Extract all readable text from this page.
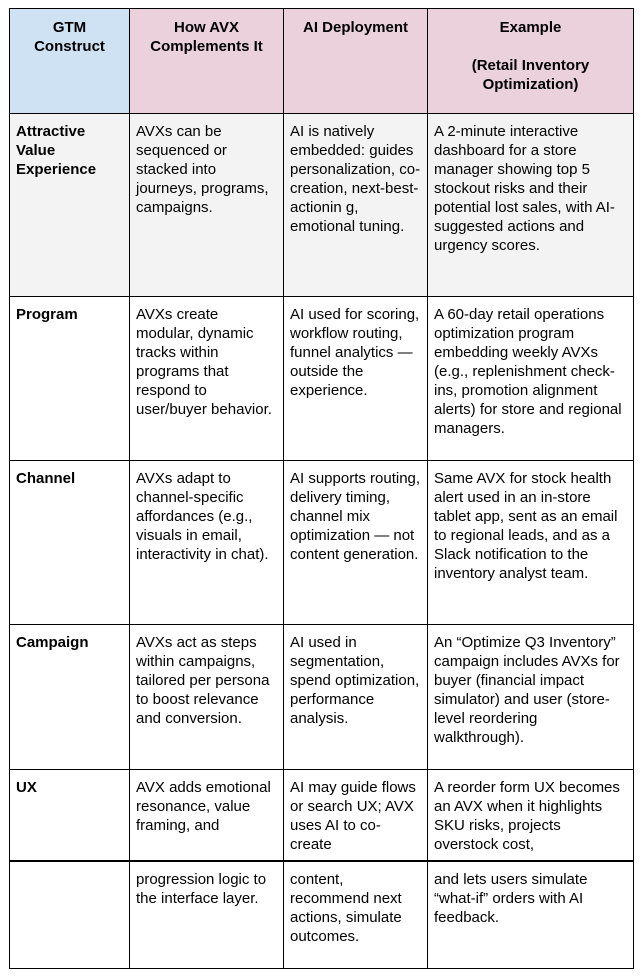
GTM Construct	How AVX Complements It	AI Deployment	Example

(Retail Inventory Optimization)
Attractive Value Experience	AVXs can be sequenced or stacked into journeys, programs, campaigns.	AI is natively embedded: guides personalization, co-creation, next-best-actionin g, emotional tuning.	A 2-minute interactive dashboard for a store manager showing top 5 stockout risks and their potential lost sales, with AI-suggested actions and urgency scores.
Program	AVXs create modular, dynamic tracks within programs that respond to user/buyer behavior.	AI used for scoring, workflow routing, funnel analytics — outside the experience.	A 60-day retail operations optimization program embedding weekly AVXs (e.g., replenishment check-ins, promotion alignment alerts) for store and regional managers.
Channel	AVXs adapt to channel-specific affordances (e.g., visuals in email, interactivity in chat).	AI supports routing, delivery timing, channel mix optimization — not content generation.	Same AVX for stock health alert used in an in-store tablet app, sent as an email to regional leads, and as a Slack notification to the inventory analyst team.
Campaign	AVXs act as steps within campaigns, tailored per persona to boost relevance and conversion.	AI used in segmentation, spend optimization, performance analysis.	An “Optimize Q3 Inventory” campaign includes AVXs for buyer (financial impact simulator) and user (store-level reordering walkthrough).
UX	AVX adds emotional resonance, value framing, and	AI may guide flows or search UX; AVX uses AI to co-create	A reorder form UX becomes an AVX when it highlights SKU risks, projects overstock cost,
	progression logic to the interface layer.	content, recommend next actions, simulate outcomes.	and lets users simulate “what-if” orders with AI feedback.
